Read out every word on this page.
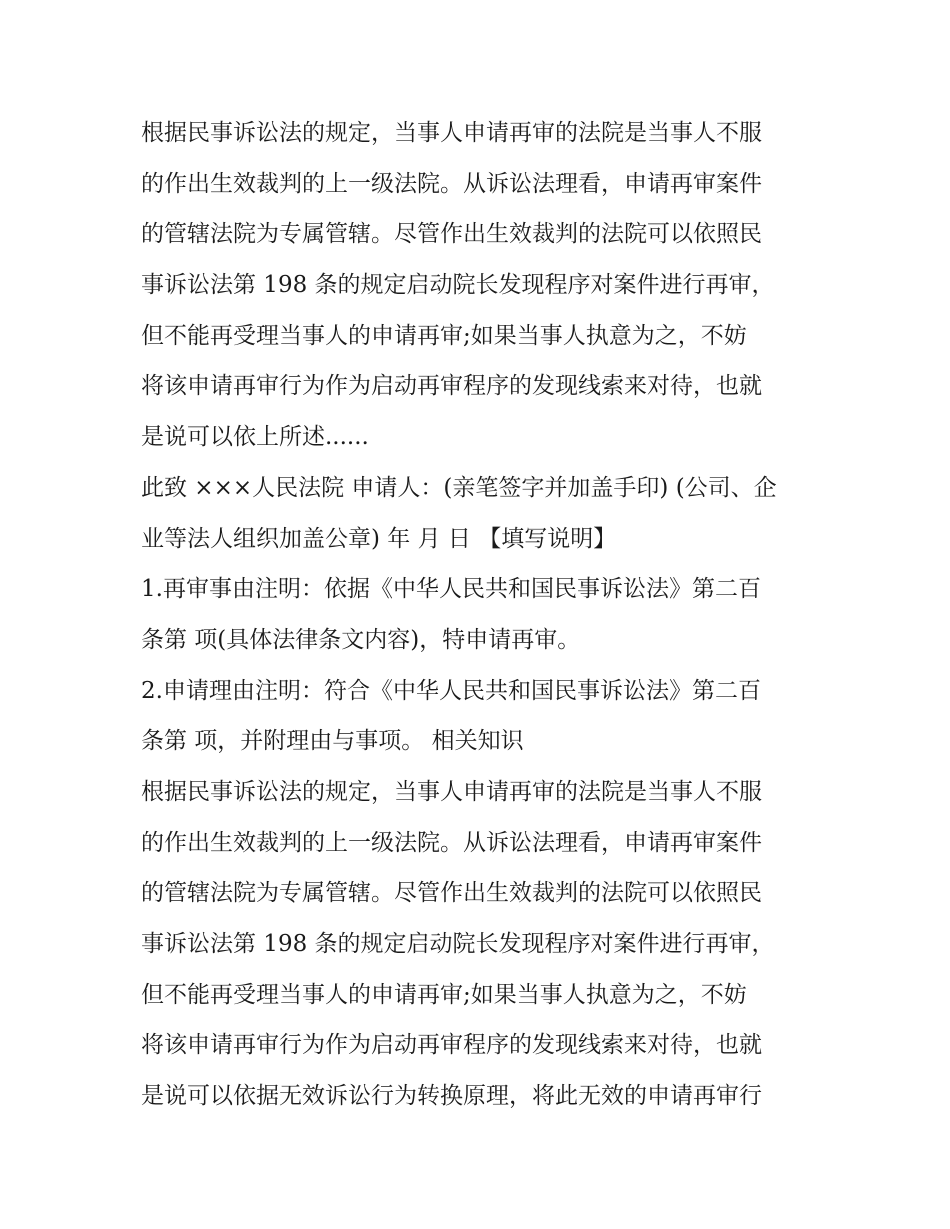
根据民事诉讼法的规定，当事人申请再审的法院是当事人不服
的作出生效裁判的上一级法院。从诉讼法理看，申请再审案件
的管辖法院为专属管辖。尽管作出生效裁判的法院可以依照民
事诉讼法第 198 条的规定启动院长发现程序对案件进行再审，
但不能再受理当事人的申请再审;如果当事人执意为之，不妨
将该申请再审行为作为启动再审程序的发现线索来对待，也就
是说可以依上所述......
此致 ×××人民法院 申请人：(亲笔签字并加盖手印) (公司、企
业等法人组织加盖公章) 年 月 日 【填写说明】
1.再审事由注明：依据《中华人民共和国民事诉讼法》第二百
条第 项(具体法律条文内容)，特申请再审。
2.申请理由注明：符合《中华人民共和国民事诉讼法》第二百
条第 项，并附理由与事项。 相关知识
根据民事诉讼法的规定，当事人申请再审的法院是当事人不服
的作出生效裁判的上一级法院。从诉讼法理看，申请再审案件
的管辖法院为专属管辖。尽管作出生效裁判的法院可以依照民
事诉讼法第 198 条的规定启动院长发现程序对案件进行再审，
但不能再受理当事人的申请再审;如果当事人执意为之，不妨
将该申请再审行为作为启动再审程序的发现线索来对待，也就
是说可以依据无效诉讼行为转换原理，将此无效的申请再审行
